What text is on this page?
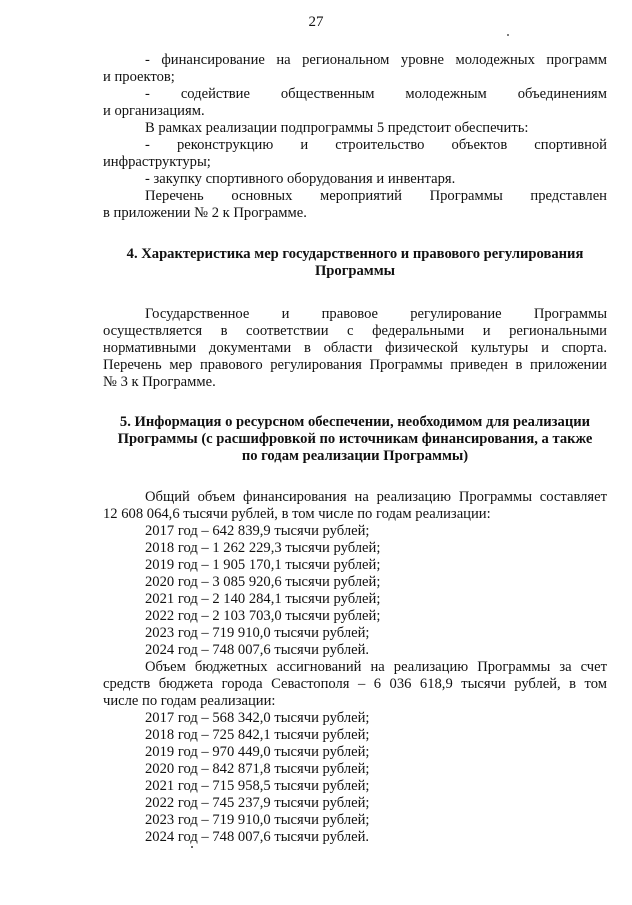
27

- финансирование на региональном уровне молодежных программ

и проектов;

- содействие общественным молодежным объединениям

и организациям.

В рамках реализации подпрограммы 5 предстоит обеспечить:

- реконструкцию и строительство объектов спортивной

инфраструктуры;

- закупку спортивного оборудования и инвентаря.

Перечень основных мероприятий Программы представлен

в приложении № 2 к Программе.

4. Характеристика мер государственного и правового регулирования
Программы

Государственное и правовое регулирование Программы

осуществляется в соответствии с федеральными и региональными

нормативными документами в области физической культуры и спорта.

Перечень мер правового регулирования Программы приведен в приложении

№ 3 к Программе.

5. Информация о ресурсном обеспечении, необходимом для реализации
Программы (с расшифровкой по источникам финансирования, а также
по годам реализации Программы)

Общий объем финансирования на реализацию Программы составляет

12 608 064,6 тысячи рублей, в том числе по годам реализации:

2017 год – 642 839,9 тысячи рублей;

2018 год – 1 262 229,3 тысячи рублей;

2019 год – 1 905 170,1 тысячи рублей;

2020 год – 3 085 920,6 тысячи рублей;

2021 год – 2 140 284,1 тысячи рублей;

2022 год – 2 103 703,0 тысячи рублей;

2023 год – 719 910,0 тысячи рублей;

2024 год – 748 007,6 тысячи рублей.

Объем бюджетных ассигнований на реализацию Программы за счет

средств бюджета города Севастополя – 6 036 618,9 тысячи рублей, в том

числе по годам реализации:

2017 год – 568 342,0 тысячи рублей;

2018 год – 725 842,1 тысячи рублей;

2019 год – 970 449,0 тысячи рублей;

2020 год – 842 871,8 тысячи рублей;

2021 год – 715 958,5 тысячи рублей;

2022 год – 745 237,9 тысячи рублей;

2023 год – 719 910,0 тысячи рублей;

2024 год – 748 007,6 тысячи рублей.
